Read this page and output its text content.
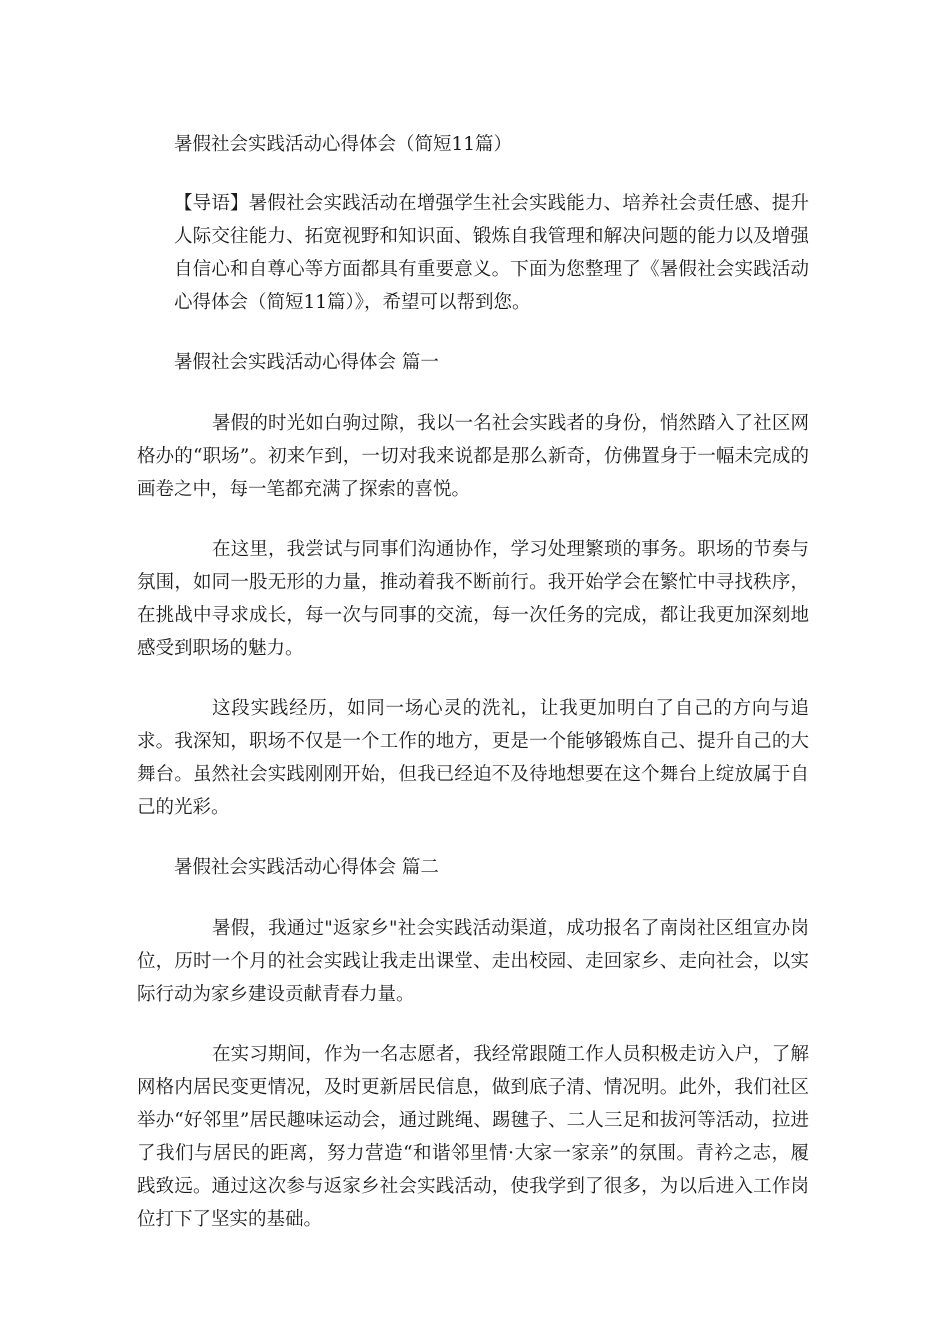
暑假社会实践活动心得体会（简短11篇）

【导语】暑假社会实践活动在增强学生社会实践能力、培养社会责任感、提升人际交往能力、拓宽视野和知识面、锻炼自我管理和解决问题的能力以及增强自信心和自尊心等方面都具有重要意义。下面为您整理了《暑假社会实践活动心得体会（简短11篇）》，希望可以帮到您。

暑假社会实践活动心得体会 篇一

暑假的时光如白驹过隙，我以一名社会实践者的身份，悄然踏入了社区网格办的“职场”。初来乍到，一切对我来说都是那么新奇，仿佛置身于一幅未完成的画卷之中，每一笔都充满了探索的喜悦。

在这里，我尝试与同事们沟通协作，学习处理繁琐的事务。职场的节奏与氛围，如同一股无形的力量，推动着我不断前行。我开始学会在繁忙中寻找秩序，在挑战中寻求成长，每一次与同事的交流，每一次任务的完成，都让我更加深刻地感受到职场的魅力。

这段实践经历，如同一场心灵的洗礼，让我更加明白了自己的方向与追求。我深知，职场不仅是一个工作的地方，更是一个能够锻炼自己、提升自己的大舞台。虽然社会实践刚刚开始，但我已经迫不及待地想要在这个舞台上绽放属于自己的光彩。

暑假社会实践活动心得体会 篇二

暑假，我通过"返家乡"社会实践活动渠道，成功报名了南岗社区组宣办岗位，历时一个月的社会实践让我走出课堂、走出校园、走回家乡、走向社会，以实际行动为家乡建设贡献青春力量。

在实习期间，作为一名志愿者，我经常跟随工作人员积极走访入户，了解网格内居民变更情况，及时更新居民信息，做到底子清、情况明。此外，我们社区举办“好邻里”居民趣味运动会，通过跳绳、踢毽子、二人三足和拔河等活动，拉进了我们与居民的距离，努力营造“和谐邻里情·大家一家亲”的氛围。青衿之志，履践致远。通过这次参与返家乡社会实践活动，使我学到了很多，为以后进入工作岗位打下了坚实的基础。
